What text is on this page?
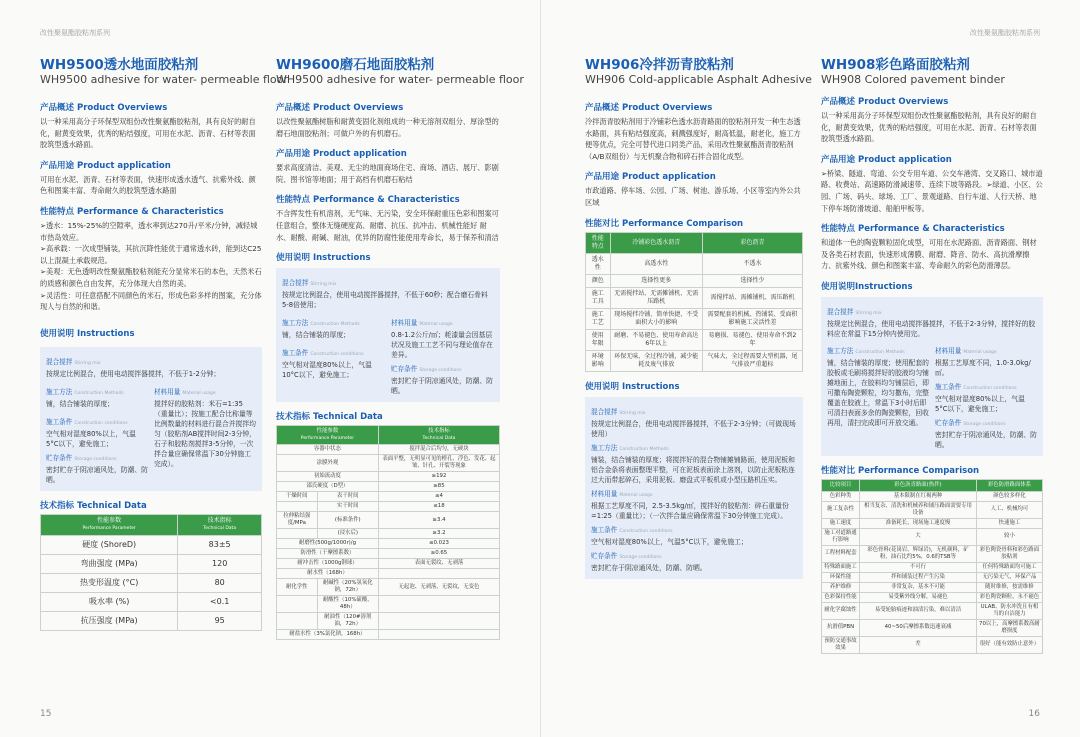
改性聚氨酯胶粘剂系列
WH9500透水地面胶粘剂
WH9500 adhesive for water- permeable floor
产品概述 Product Overviews
以一种采用高分子环保型双组份改性聚氨酯胶粘剂，具有良好的耐自化，耐黄变效果，优秀的粘结强度，可用在水泥、沥青、石材等表面胶筑型透水路面。
产品用途 Product application
可用在水泥、沥青、石材等表面，快速形成透水透气、抗紫外线、颜色和图案丰富、寿命耐久的胶筑型透水路面
性能特点 Performance & Characteristics
➢透水：15%-25%的空隙率，透水率到达270升/平米/分钟，减轻城市热岛效应。
➢高承载：一次成型铺装，其抗沉降性能优于通常透水砖，能到达C25以上混凝土承载规范。
➢美观：无色透明改性聚氨酯胶粘剂能充分显常米石的本色，天然米石的质感和颜色自由发挥，充分体现大自然的美。
➢灵活性：可任意搭配不同颜色的米石，形成色彩多样的图案，充分体现人与自然的和谐。
使用说明 Instructions
混合搅拌 Stirring mix
按规定比例混合，使用电动搅拌器搅拌，不低于1-2分钟；
施工方法 Construction Methods
铺，结合铺装的厚度；
施工条件 Construction conditions
空气相对湿度80%以上，气温5°C以下，避免施工；
贮存条件 Storage conditions
密封贮存于阴凉通风处，防潮、防晒。
材料用量 Material usage
搅拌好的胶粘剂：米石=1:35（重量比）；按施工配合比称量等比例数量的材料进行混合并搅拌均匀（胶粘剂AB搅拌时间2-3分钟，石子和胶粘剂搅拌3-5分钟，一次拌合量应确保常温下30分钟施工完成）。
技术指标 Technical Data
性能参数
Performance Parameter	技术指标
Technical Data

硬度 (ShoreD)	83±5
弯曲强度 (MPa)	120
热变形温度 (°C)	80
吸水率 (%)	<0.1
抗压强度 (MPa)	95
WH9600磨石地面胶粘剂
WH9500 adhesive for water- permeable floor
产品概述 Product Overviews
以改性聚氨酯树脂和耐黄变固化剂组成的一种无溶剂双组分、厚涂型的磨石地面胶粘剂；可做户外的有机磨石。
产品用途 Product application
要求高度清洁、美观、无尘的地面商场住宅、商场、酒店、展厅、影剧院、图书馆等地面；用于高档有机磨石粘结
性能特点 Performance & Characteristics
不含挥发性有机溶剂，无气味、无污染，安全环保耐重压色彩和图案可任意组合，整体无缝硬度高、耐磨、抗压、抗冲击、机械性能好 耐水、耐酸、耐碱、耐油，优异的防腐性能使用寿命长，易于保养和清洁
使用说明 Instructions
混合搅拌 Stirring mix
按规定比例混合，使用电动搅拌器搅拌，不低于60秒；配合磨石骨料5-8倍使用；
施工方法 Construction Methods
铺，结合铺装的厚度；
施工条件 Construction conditions
空气相对湿度80%以上，气温10°C以下，避免施工；
材料用量 Material usage
0.8-1.2公斤/㎡；耗漆量会因基层状况及施工工艺不同与理论值存在差异。
贮存条件 Storage conditions
密封贮存于阴凉通风处，防潮、防晒。
技术指标 Technical Data
性能参数
Performance Parameter		技术指标
Technical Data

容器中状态		搅拌混合后均匀，无硬块
涂膜外观		表面平整，无明显可见的橙孔、浮色、发花、起皱、针孔、开裂等现象
初始流动度		≥192
邵氏硬度（D型）		≥85
干燥时间	表干时间	≤4
	实干时间	≤18
拉伸粘结强度/MPa	(标准条件)	≥3.4
	(浸水后)	≥3.2
耐磨性(500g/1000r)/g		≤0.023
防滑性（干摩擦系数）		≥0.65
耐冲击性（1000g钢球）		表面无裂纹、无剥落
耐水性（168h）		
耐化学性	耐碱性（20%氢氧化钠，72h）	无起泡、无剥落，无裂纹，无变色
	耐酸性（10%硫酸，48h）	
	耐油性（120#溶剂油，72h）	
耐盐水性（3%氯化钠，168h）		
15
改性聚氨酯胶粘剂系列
WH906冷拌沥青胶粘剂
WH906 Cold-applicable Asphalt Adhesive
产品概述 Product Overviews
冷拌沥青胶粘剂用于冷铺彩色透水沥青路面的胶粘剂开发一种生态透水路面，具有粘结强度高，刺溅强度好，耐高低温，耐老化，施工方便等优点，完全可替代进口同类产品，采用改性聚氨酯沥青胶粘剂（A/B双组份）与无机聚合物和碎石拌合固化成型。
产品用途 Product application
市政道路、停车场、公园、广场、树池、游乐场、小区等室内外公共区域
性能对比 Performance Comparison
性能特点	冷铺彩色透水沥青	彩色沥青
透水性	高透水性	不透水
颜色	选择性更多	选择性少
施工工具	无需搅拌站、无需摊铺机、无需压路机	需搅拌站、需摊铺机、需压路机
施工工艺	现场搅拌冷铺、简单快捷、不受面积大小的影响	需要配套的机械、热铺装、受面积影响施工灵活性差
使用年限	耐磨、不易褪色、使用寿命高达6年以上	易磨损、易褪色、使用寿命不到2年
环境影响	环保无味，全过程冷铺，减少能耗及废气排放	气味大，全过程需要大型机器，尾气排放严重超标
使用说明 Instructions
混合搅拌 Stirring mix
按规定比例混合，使用电动搅拌器搅拌，不低于2-3分钟；（可做现场使用）
施工方法 Construction Methods
铺装，结合铺装的厚度；将搅拌好的混合物铺摊铺路面，使用泥板和铝合金条将表面整理平整，可在泥板表面涂上溶剂，以防止泥板粘连过大而带起碎石，采用泥板、磨盘式平板机或小型压路机压实。
材料用量 Material usage
根据工艺厚度不同，2.5-3.5kg/㎡，搅拌好的胶粘剂：碎石重量份=1:25（重量比）；（一次拌合量应确保常温下30分钟施工完成）。
施工条件 Construction conditions
空气相对湿度80%以上，气温5°C以下，避免施工；
贮存条件 Storage conditions
密封贮存于阴凉通风处，防潮、防晒。
WH908彩色路面胶粘剂
WH908 Colored pavement binder
产品概述 Product Overviews
以一种采用高分子环保型双组份改性聚氨酯胶粘剂，具有良好的耐自化，耐黄变效果，优秀的粘结强度，可用在水泥、沥青、石材等表面胶筑型透水路面。
产品用途 Product application
➢桥梁、隧道、弯道、公交专用车道、公交车港湾、交叉路口、城市道路、收费站、高速路防滑减速带、连续下坡等路段。➢绿道、小区、公园、广场、码头、球场、工厂、景观道路、自行车道、人行天桥、地下停车场防滑坡道、船舶甲板等。
性能特点 Performance & Characteristics
和道体一色的陶瓷颗粒固化成型，可用在水泥路面、沥青路面、钢材及各类石材表面，快速形成薄膜、耐磨、降音、防水、高抗滑摩擦力、抗紫外线、颜色和图案丰富、寿命耐久的彩色防滑薄层。
使用说明Instructions
混合搅拌 Stirring mix
按规定比例混合，使用电动搅拌器搅拌，不低于2-3分钟，搅拌好的胶料应在常温下15分钟内使用完。
施工方法 Construction Methods
铺，结合铺装的厚度；使用配套的胶板或毛刷将搅拌好的胶液均匀铺摊地面上，在胶料均匀铺层后，即可撒布陶瓷颗粒，均匀撒布，完整覆盖在胶液上，常温下3小时后即可清扫表面多余的陶瓷颗粒，回收再用，清扫完成即可开放交通。
材料用量 Material usage
根据工艺厚度不同，1.0-3.0kg/㎡。
施工条件 Construction conditions
空气相对湿度80%以上，气温5°C以下，避免施工；
贮存条件 Storage conditions
密封贮存于阴凉通风处，防潮、防晒。
性能对比 Performance Comparison
比较项目	彩色沥青路面(热拌)	彩色防滑路面体系
色彩种类	基本限制在红褐两种	颜色较多样化
施工复杂性	相当复杂，清洗和机械养和铺压路面需要专用设备	人工、机械均可
施工速度	准备耗长，现场施工速度慢	快速施工
施工对道路通行影响	大	较小
工程材料配套	彩色骨料(花岗岩、辉绿岩)，无机颜料，矿粉，油石比约5%，0.6的TSB等	彩色陶瓷骨料和彩色路面胶粘剂
特殊路面施工	不可行	任何特殊路面均可施工
环保性能	拌和铺装过程产生污染	无污染无气，环保产品
养护维修	非常复杂，基本不可能	随时维修，按需维修
色彩保持性能	易受紫外线分解，易褪色	彩色陶瓷颗粒，永不褪色
耐化学腐蚀性	易受轮胎痕迹和油渍污染，难以清洁	ULAB、防水冲洗且有相当的自洁能力
抗滑值PBN	40~50后摩擦系数迅速衰减	70以上，高摩擦系数高耐磨损度
预防交通事故效果	差	很好（能有效防止意外）
16
